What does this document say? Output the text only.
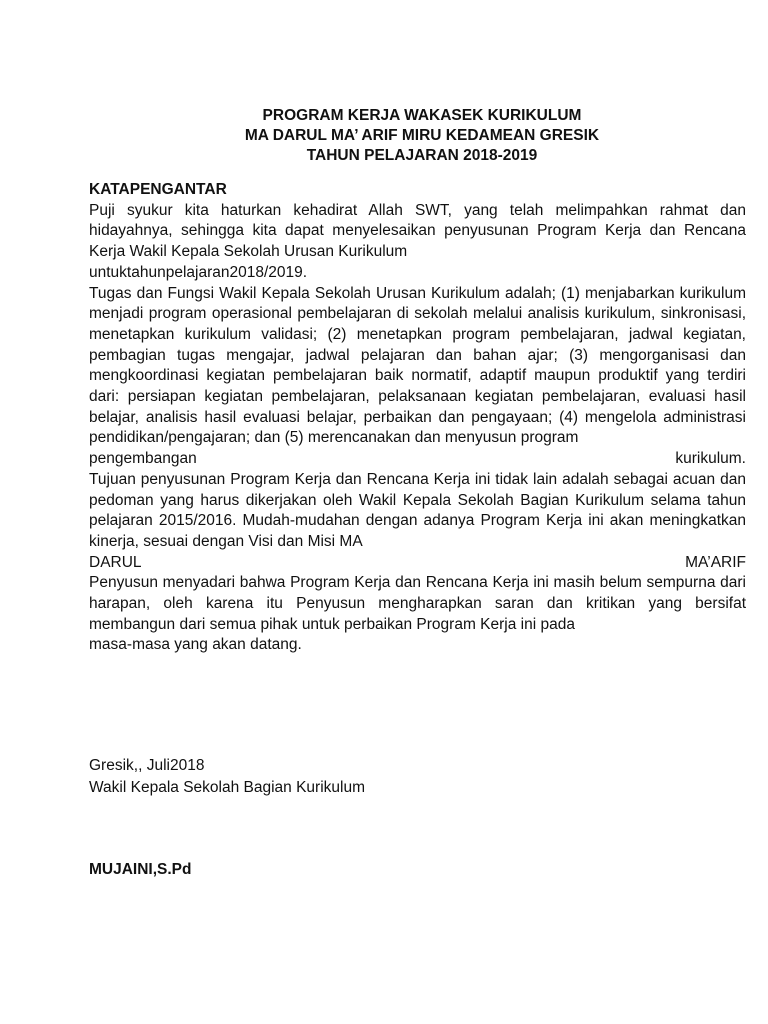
PROGRAM KERJA WAKASEK KURIKULUM
MA DARUL MA’ ARIF MIRU KEDAMEAN GRESIK
TAHUN PELAJARAN 2018-2019
KATAPENGANTAR

Puji syukur kita haturkan kehadirat Allah SWT, yang telah melimpahkan rahmat dan hidayahnya, sehingga kita dapat menyelesaikan penyusunan Program Kerja dan Rencana Kerja Wakil Kepala Sekolah Urusan Kurikulum
untuktahunpelajaran2018/2019.

Tugas dan Fungsi Wakil Kepala Sekolah Urusan Kurikulum adalah; (1) menjabarkan kurikulum menjadi program operasional pembelajaran di sekolah melalui analisis kurikulum, sinkronisasi, menetapkan kurikulum validasi; (2) menetapkan program pembelajaran, jadwal kegiatan, pembagian tugas mengajar, jadwal pelajaran dan bahan ajar; (3) mengorganisasi dan mengkoordinasi kegiatan pembelajaran baik normatif, adaptif maupun produktif yang terdiri dari: persiapan kegiatan pembelajaran, pelaksanaan kegiatan pembelajaran, evaluasi hasil belajar, analisis hasil evaluasi belajar, perbaikan dan pengayaan; (4) mengelola administrasi pendidikan/pengajaran; dan (5) merencanakan dan menyusun program

pengembangan	kurikulum.

Tujuan penyusunan Program Kerja dan Rencana Kerja ini tidak lain adalah sebagai acuan dan pedoman yang harus dikerjakan oleh Wakil Kepala Sekolah Bagian Kurikulum selama tahun pelajaran 2015/2016. Mudah-mudahan dengan adanya Program Kerja ini akan meningkatkan kinerja, sesuai dengan Visi dan Misi MA

DARUL	MA’ARIF

Penyusun menyadari bahwa Program Kerja dan Rencana Kerja ini masih belum sempurna dari harapan, oleh karena itu Penyusun mengharapkan saran dan kritikan yang bersifat membangun dari semua pihak untuk perbaikan Program Kerja ini pada
masa-masa yang akan datang.

Gresik,, Juli2018
Wakil Kepala Sekolah Bagian Kurikulum
MUJAINI,S.Pd
